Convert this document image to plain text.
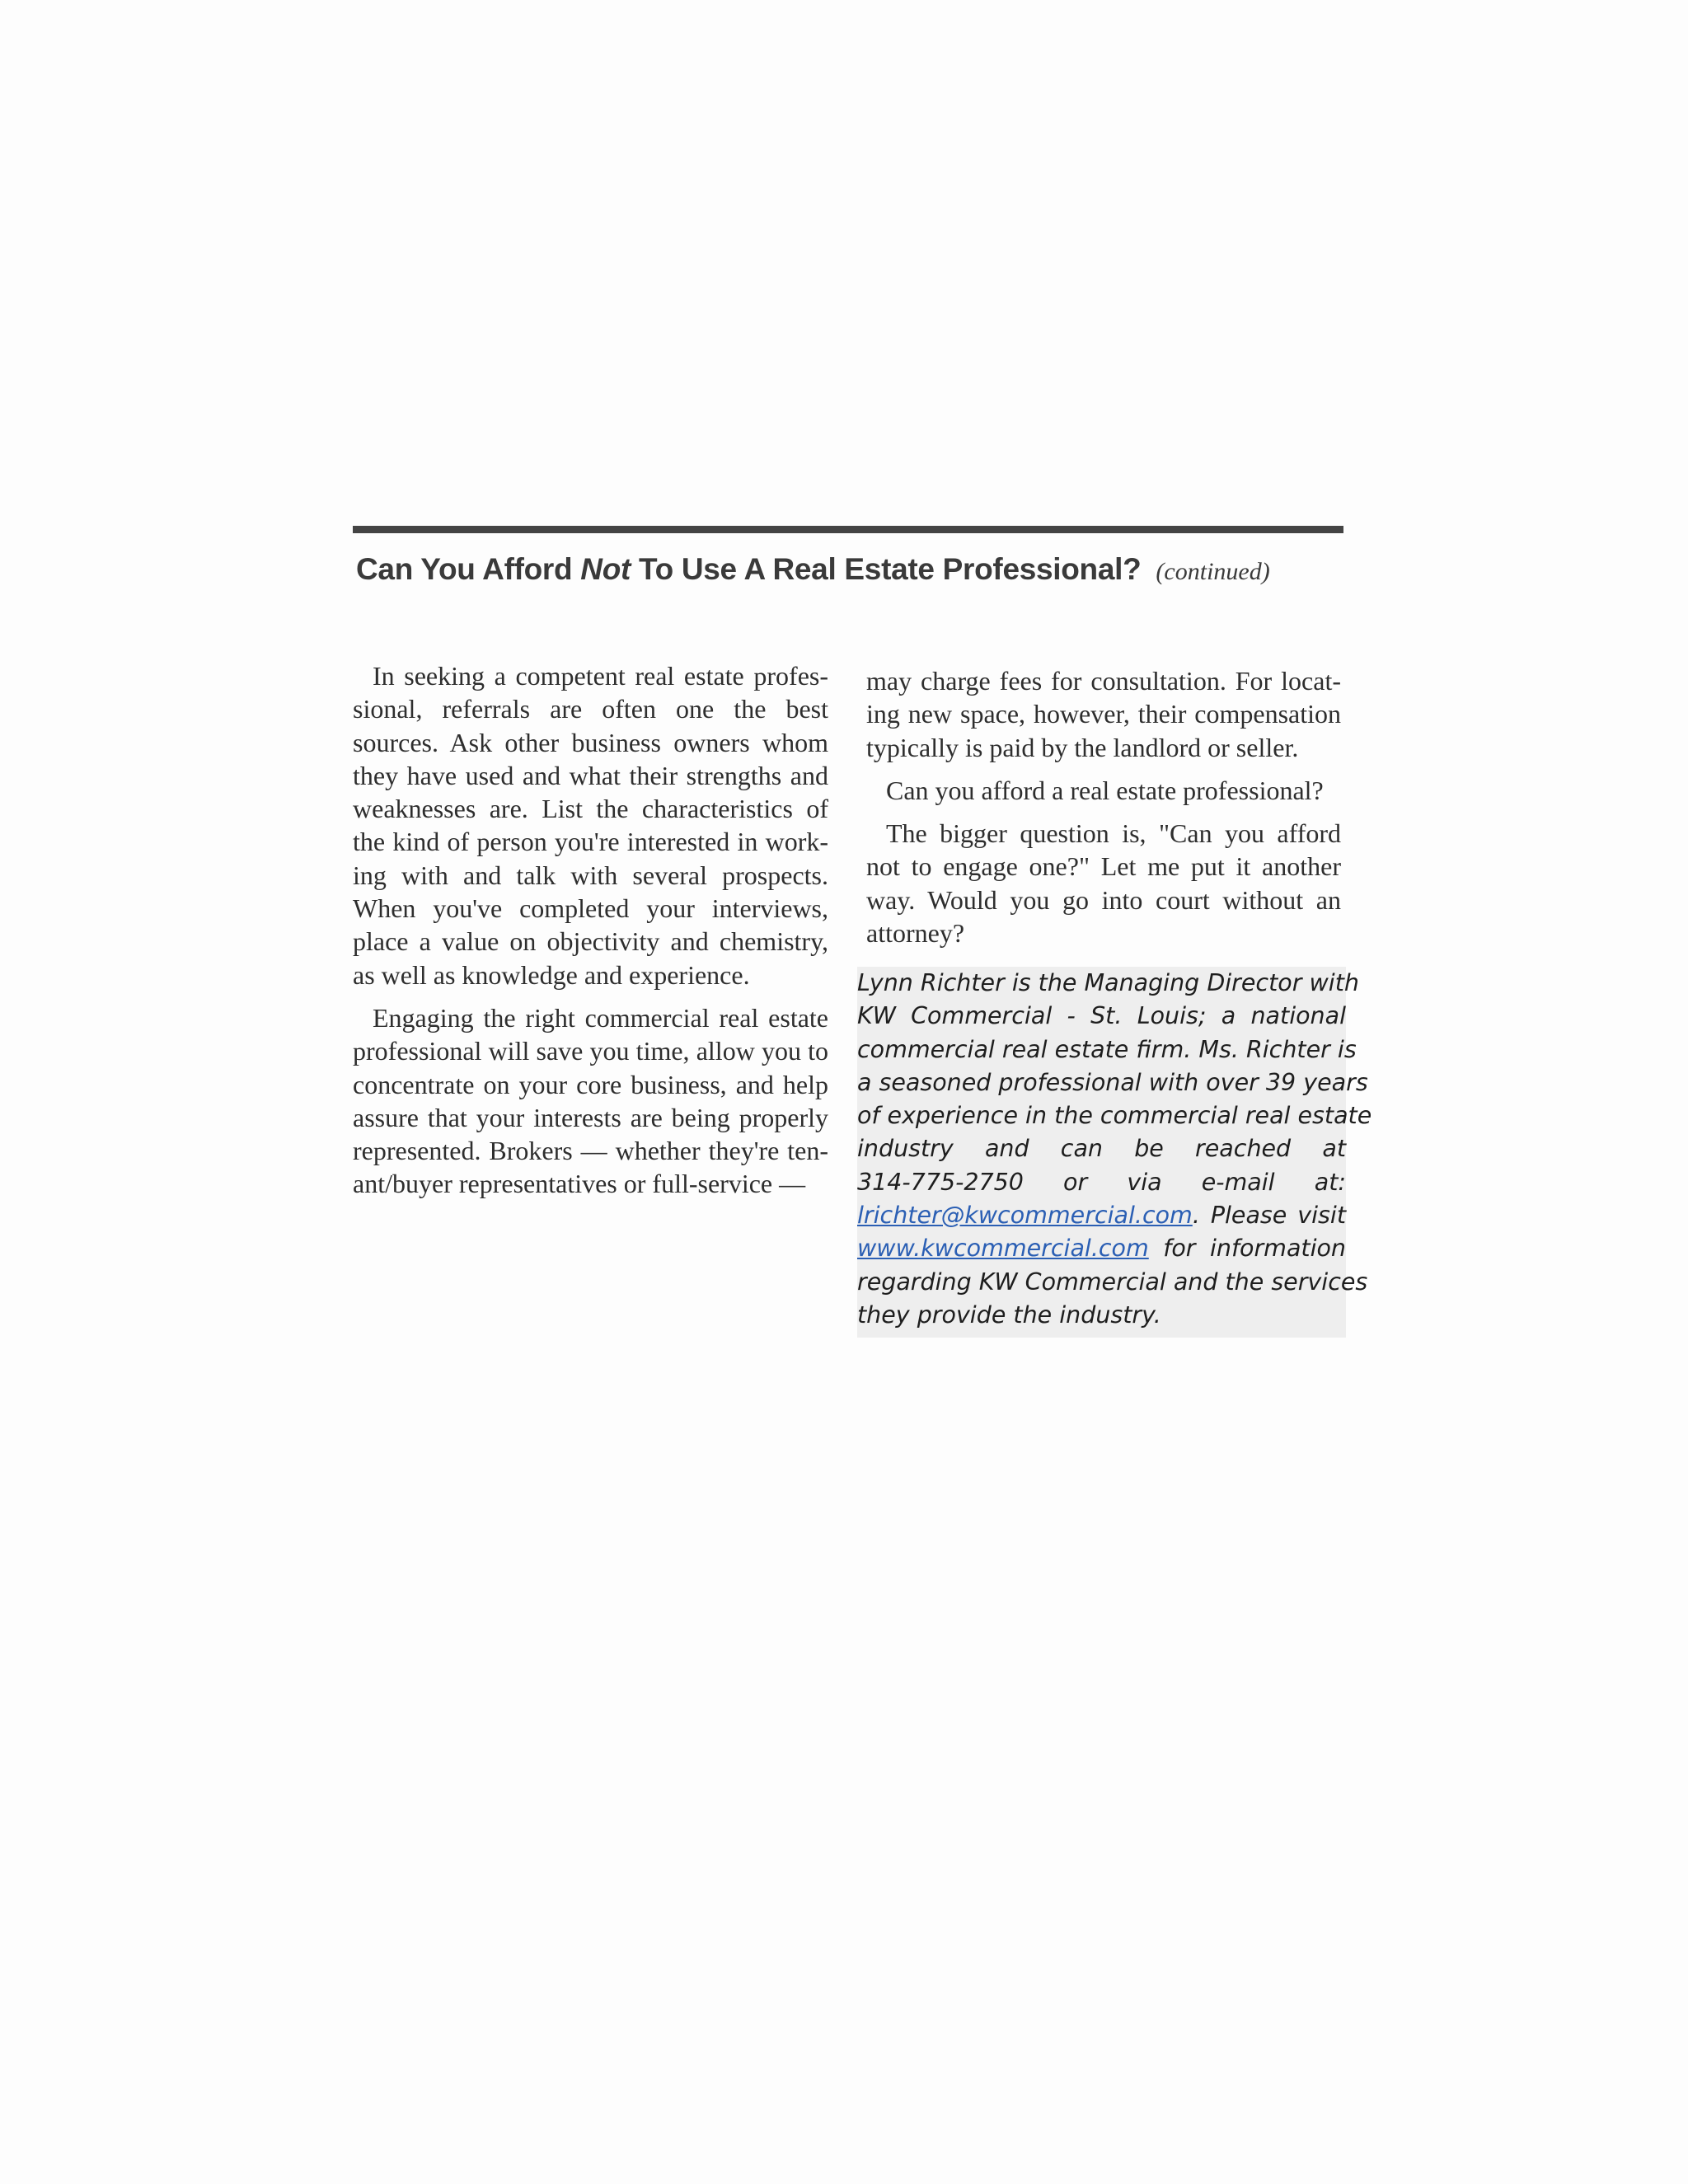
Can You Afford Not To Use A Real Estate Professional? (continued)

In seeking a competent real estate professional, referrals are often one the best sources. Ask other business owners whom they have used and what their strengths and weaknesses are. List the characteristics of the kind of person you're interested in working with and talk with several prospects. When you've completed your interviews, place a value on objectivity and chemistry, as well as knowledge and experience.

Engaging the right commercial real estate professional will save you time, allow you to concentrate on your core business, and help assure that your interests are being properly represented. Brokers — whether they're tenant/buyer representatives or full-service —

may charge fees for consultation. For locating new space, however, their compensation typically is paid by the landlord or seller.

Can you afford a real estate professional?

The bigger question is, "Can you afford not to engage one?" Let me put it another way. Would you go into court without an attorney?

Lynn Richter is the Managing Director with
KW Commercial - St. Louis; a national
commercial real estate firm. Ms. Richter is
a seasoned professional with over 39 years
of experience in the commercial real estate
industry and can be reached at
314-775-2750 or via e-mail at:
lrichter@kwcommercial.com. Please visit
www.kwcommercial.com for information
regarding KW Commercial and the services
they provide the industry.
